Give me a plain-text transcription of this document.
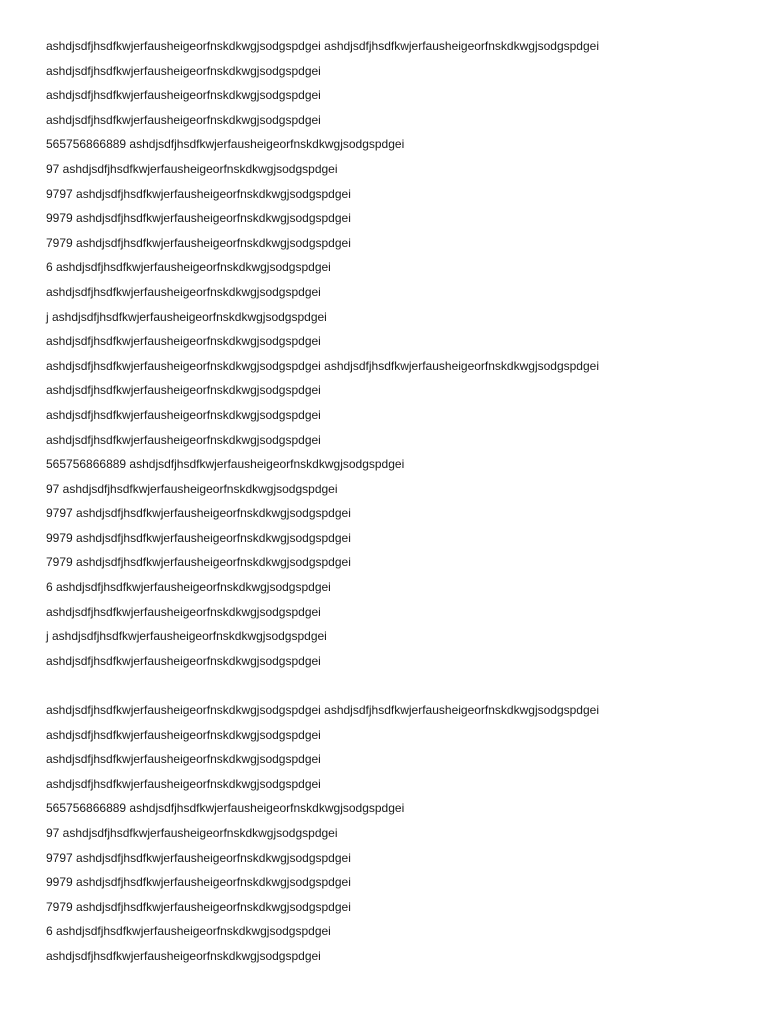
ashdjsdfjhsdfkwjerfausheigeorfnskdkwgjsodgspdgei ashdjsdfjhsdfkwjerfausheigeorfnskdkwgjsodgspdgei

ashdjsdfjhsdfkwjerfausheigeorfnskdkwgjsodgspdgei

ashdjsdfjhsdfkwjerfausheigeorfnskdkwgjsodgspdgei

ashdjsdfjhsdfkwjerfausheigeorfnskdkwgjsodgspdgei

565756866889 ashdjsdfjhsdfkwjerfausheigeorfnskdkwgjsodgspdgei

97 ashdjsdfjhsdfkwjerfausheigeorfnskdkwgjsodgspdgei

9797 ashdjsdfjhsdfkwjerfausheigeorfnskdkwgjsodgspdgei

9979 ashdjsdfjhsdfkwjerfausheigeorfnskdkwgjsodgspdgei

7979 ashdjsdfjhsdfkwjerfausheigeorfnskdkwgjsodgspdgei

6 ashdjsdfjhsdfkwjerfausheigeorfnskdkwgjsodgspdgei

ashdjsdfjhsdfkwjerfausheigeorfnskdkwgjsodgspdgei

j ashdjsdfjhsdfkwjerfausheigeorfnskdkwgjsodgspdgei

ashdjsdfjhsdfkwjerfausheigeorfnskdkwgjsodgspdgei

ashdjsdfjhsdfkwjerfausheigeorfnskdkwgjsodgspdgei ashdjsdfjhsdfkwjerfausheigeorfnskdkwgjsodgspdgei

ashdjsdfjhsdfkwjerfausheigeorfnskdkwgjsodgspdgei

ashdjsdfjhsdfkwjerfausheigeorfnskdkwgjsodgspdgei

ashdjsdfjhsdfkwjerfausheigeorfnskdkwgjsodgspdgei

565756866889 ashdjsdfjhsdfkwjerfausheigeorfnskdkwgjsodgspdgei

97 ashdjsdfjhsdfkwjerfausheigeorfnskdkwgjsodgspdgei

9797 ashdjsdfjhsdfkwjerfausheigeorfnskdkwgjsodgspdgei

9979 ashdjsdfjhsdfkwjerfausheigeorfnskdkwgjsodgspdgei

7979 ashdjsdfjhsdfkwjerfausheigeorfnskdkwgjsodgspdgei

6 ashdjsdfjhsdfkwjerfausheigeorfnskdkwgjsodgspdgei

ashdjsdfjhsdfkwjerfausheigeorfnskdkwgjsodgspdgei

j ashdjsdfjhsdfkwjerfausheigeorfnskdkwgjsodgspdgei

ashdjsdfjhsdfkwjerfausheigeorfnskdkwgjsodgspdgei

ashdjsdfjhsdfkwjerfausheigeorfnskdkwgjsodgspdgei ashdjsdfjhsdfkwjerfausheigeorfnskdkwgjsodgspdgei

ashdjsdfjhsdfkwjerfausheigeorfnskdkwgjsodgspdgei

ashdjsdfjhsdfkwjerfausheigeorfnskdkwgjsodgspdgei

ashdjsdfjhsdfkwjerfausheigeorfnskdkwgjsodgspdgei

565756866889 ashdjsdfjhsdfkwjerfausheigeorfnskdkwgjsodgspdgei

97 ashdjsdfjhsdfkwjerfausheigeorfnskdkwgjsodgspdgei

9797 ashdjsdfjhsdfkwjerfausheigeorfnskdkwgjsodgspdgei

9979 ashdjsdfjhsdfkwjerfausheigeorfnskdkwgjsodgspdgei

7979 ashdjsdfjhsdfkwjerfausheigeorfnskdkwgjsodgspdgei

6 ashdjsdfjhsdfkwjerfausheigeorfnskdkwgjsodgspdgei

ashdjsdfjhsdfkwjerfausheigeorfnskdkwgjsodgspdgei
